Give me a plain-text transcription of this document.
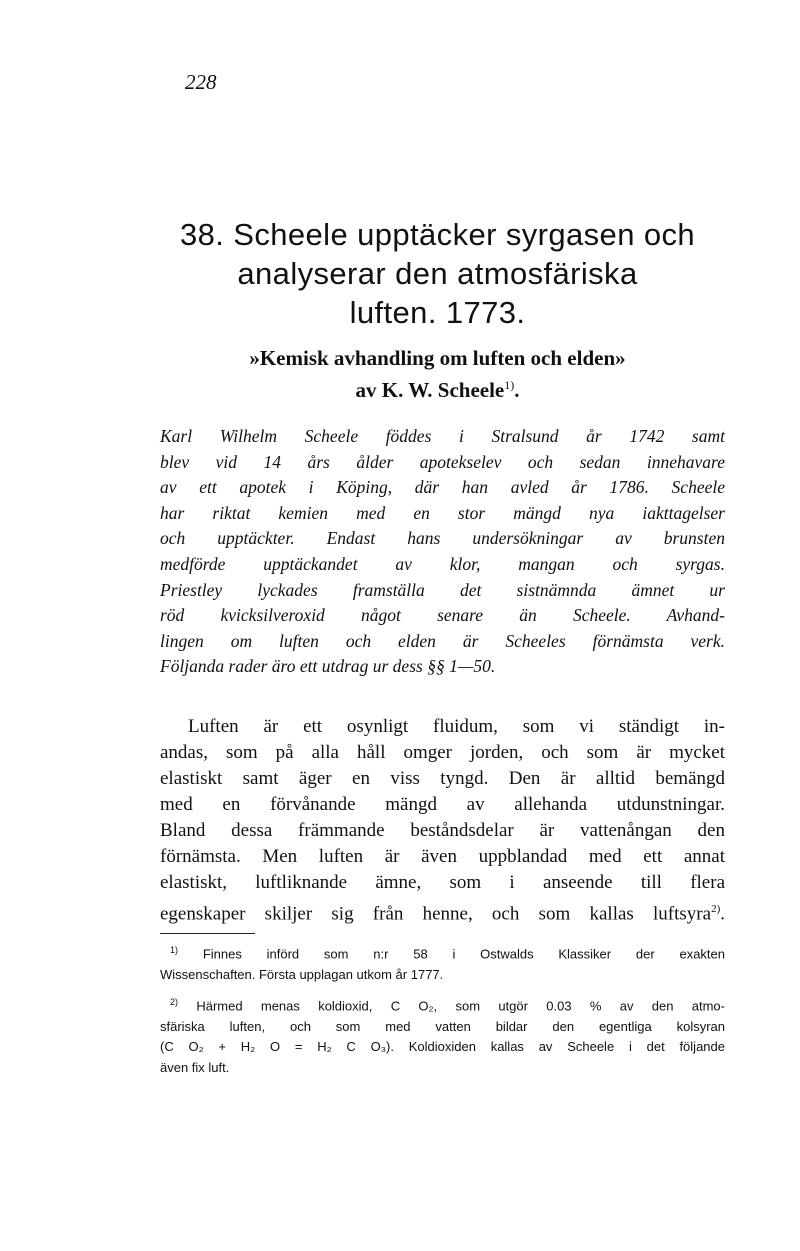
228
38. Scheele upptäcker syrgasen och
analyserar den atmosfäriska
luften. 1773.
»Kemisk avhandling om luften och elden»
av K. W. Scheele$^{1)}$.
Karl Wilhelm Scheele föddes i Stralsund år 1742 samt
blev vid 14 års ålder apotekselev och sedan innehavare
av ett apotek i Köping, där han avled år 1786. Scheele
har riktat kemien med en stor mängd nya iakttagelser
och upptäckter. Endast hans undersökningar av brunsten
medförde upptäckandet av klor, mangan och syrgas.
Priestley lyckades framställa det sistnämnda ämnet ur
röd kvicksilveroxid något senare än Scheele. Avhand-
lingen om luften och elden är Scheeles förnämsta verk.
Följanda rader äro ett utdrag ur dess §§ 1—50.
Luften är ett osynligt fluidum, som vi ständigt in-
andas, som på alla håll omger jorden, och som är mycket
elastiskt samt äger en viss tyngd. Den är alltid bemängd
med en förvånande mängd av allehanda utdunstningar.
Bland dessa främmande beståndsdelar är vattenångan den
förnämsta. Men luften är även uppblandad med ett annat
elastiskt, luftliknande ämne, som i anseende till flera
egenskaper skiljer sig från henne, och som kallas luftsyra$^{2)}$.
$^{1)}$ Finnes införd som n:r 58 i Ostwalds Klassiker der exakten
Wissenschaften. Första upplagan utkom år 1777.
$^{2)}$ Härmed menas koldioxid, C O₂, som utgör 0.03 % av den atmo-
sfäriska luften, och som med vatten bildar den egentliga kolsyran
(C O₂ + H₂ O = H₂ C O₃). Koldioxiden kallas av Scheele i det följande
även fix luft.
